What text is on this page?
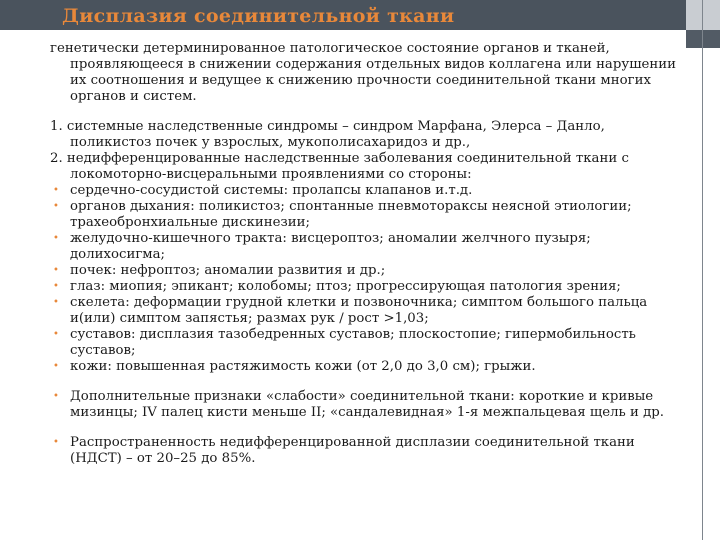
Дисплазия соединительной ткани

генетически детерминированное патологическое состояние органов и тканей, проявляющееся в снижении содержания отдельных видов коллагена или нарушении их соотношения и ведущее к снижению прочности соединительной ткани многих органов и систем.

1. системные наследственные синдромы – синдром Марфана, Элерса – Данло, поликистоз почек у взрослых, мукополисахаридоз и др.,

2. недифференцированные наследственные заболевания соединительной ткани с локомоторно-висцеральными проявлениями со стороны:

• сердечно-сосудистой системы: пролапсы клапанов и.т.д.

• органов дыхания: поликистоз; спонтанные пневмотораксы неясной этиологии; трахеобронхиальные дискинезии;

• желудочно-кишечного тракта: висцероптоз; аномалии желчного пузыря; долихосигма;

• почек: нефроптоз; аномалии развития и др.;

• глаз: миопия; эпикант; колобомы; птоз; прогрессирующая патология зрения;

• скелета: деформации грудной клетки и позвоночника; симптом большого пальца и(или) симптом запястья; размах рук / рост >1,03;

• суставов: дисплазия тазобедренных суставов; плоскостопие; гипермобильность суставов;

• кожи: повышенная растяжимость кожи (от 2,0 до 3,0 см); грыжи.

• Дополнительные признаки «слабости» соединительной ткани: короткие и кривые мизинцы; IV палец кисти меньше II; «сандалевидная» 1-я межпальцевая щель и др.

• Распространенность недифференцированной дисплазии соединительной ткани (НДСТ) – от 20–25 до 85%.
